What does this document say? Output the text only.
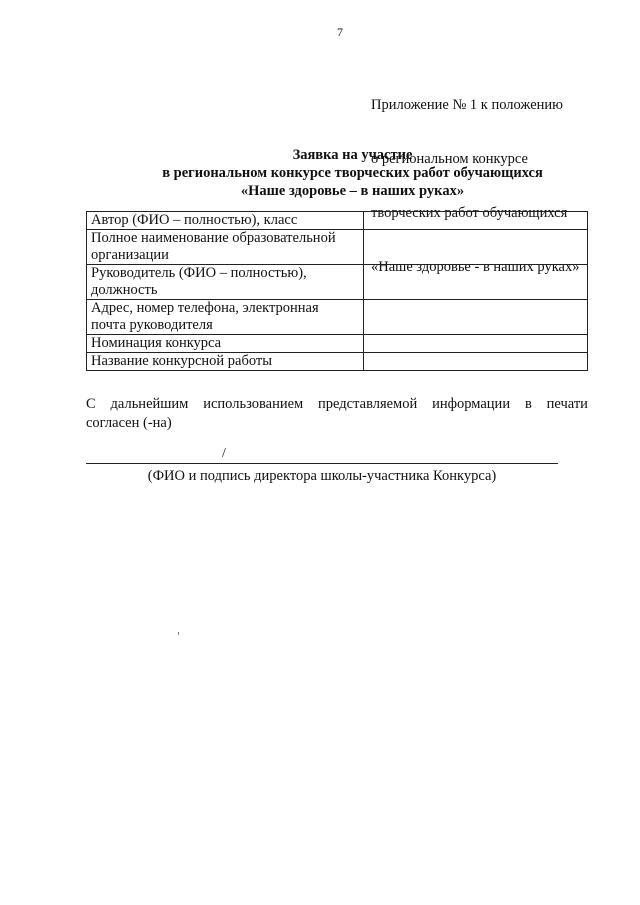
7

Приложение № 1 к положению

о региональном конкурсе

творческих работ обучающихся

«Наше здоровье - в наших руках»

Заявка на участие
в региональном конкурсе творческих работ обучающихся
«Наше здоровье – в наших руках»
Автор (ФИО – полностью), класс	

Полное наименование образовательной
организации	

Руководитель (ФИО – полностью),
должность	

Адрес, номер телефона, электронная
почта руководителя	

Номинация конкурса	

Название конкурсной работы	

С дальнейшим использованием представляемой информации в печати
согласен (-на)
/
(ФИО и подпись директора школы-участника Конкурса)
